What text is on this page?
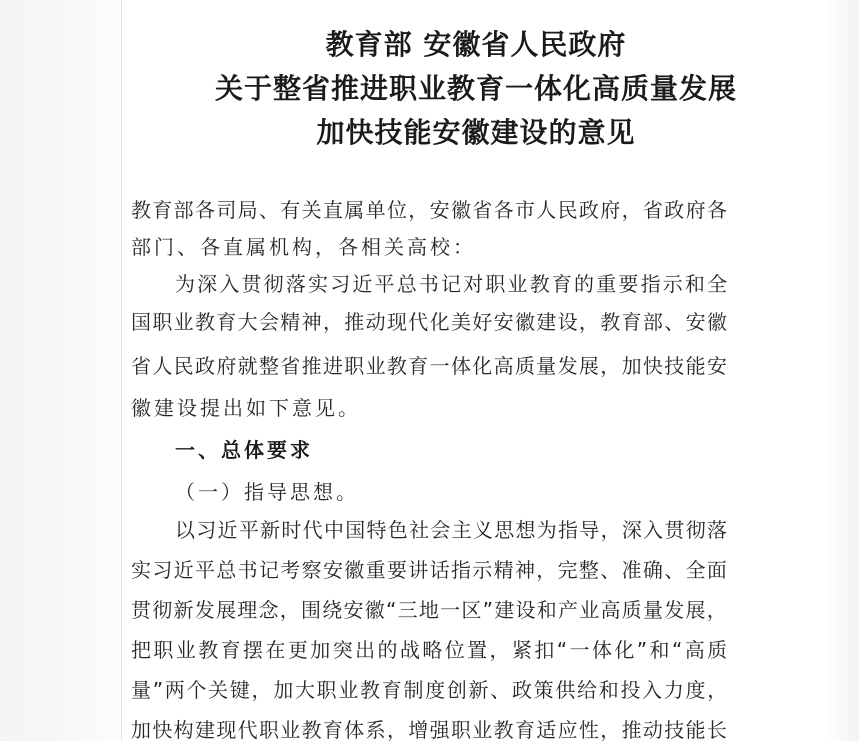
教育部 安徽省人民政府
关于整省推进职业教育一体化高质量发展
加快技能安徽建设的意见
教育部各司局、有关直属单位，安徽省各市人民政府，省政府各
部门、各直属机构，各相关高校：
为深入贯彻落实习近平总书记对职业教育的重要指示和全
国职业教育大会精神，推动现代化美好安徽建设，教育部、安徽
省人民政府就整省推进职业教育一体化高质量发展，加快技能安
徽建设提出如下意见。
一、总体要求
（一）指导思想。
以习近平新时代中国特色社会主义思想为指导，深入贯彻落
实习近平总书记考察安徽重要讲话指示精神，完整、准确、全面
贯彻新发展理念，围绕安徽“三地一区”建设和产业高质量发展，
把职业教育摆在更加突出的战略位置，紧扣“一体化”和“高质
量”两个关键，加大职业教育制度创新、政策供给和投入力度，
加快构建现代职业教育体系，增强职业教育适应性，推动技能长
